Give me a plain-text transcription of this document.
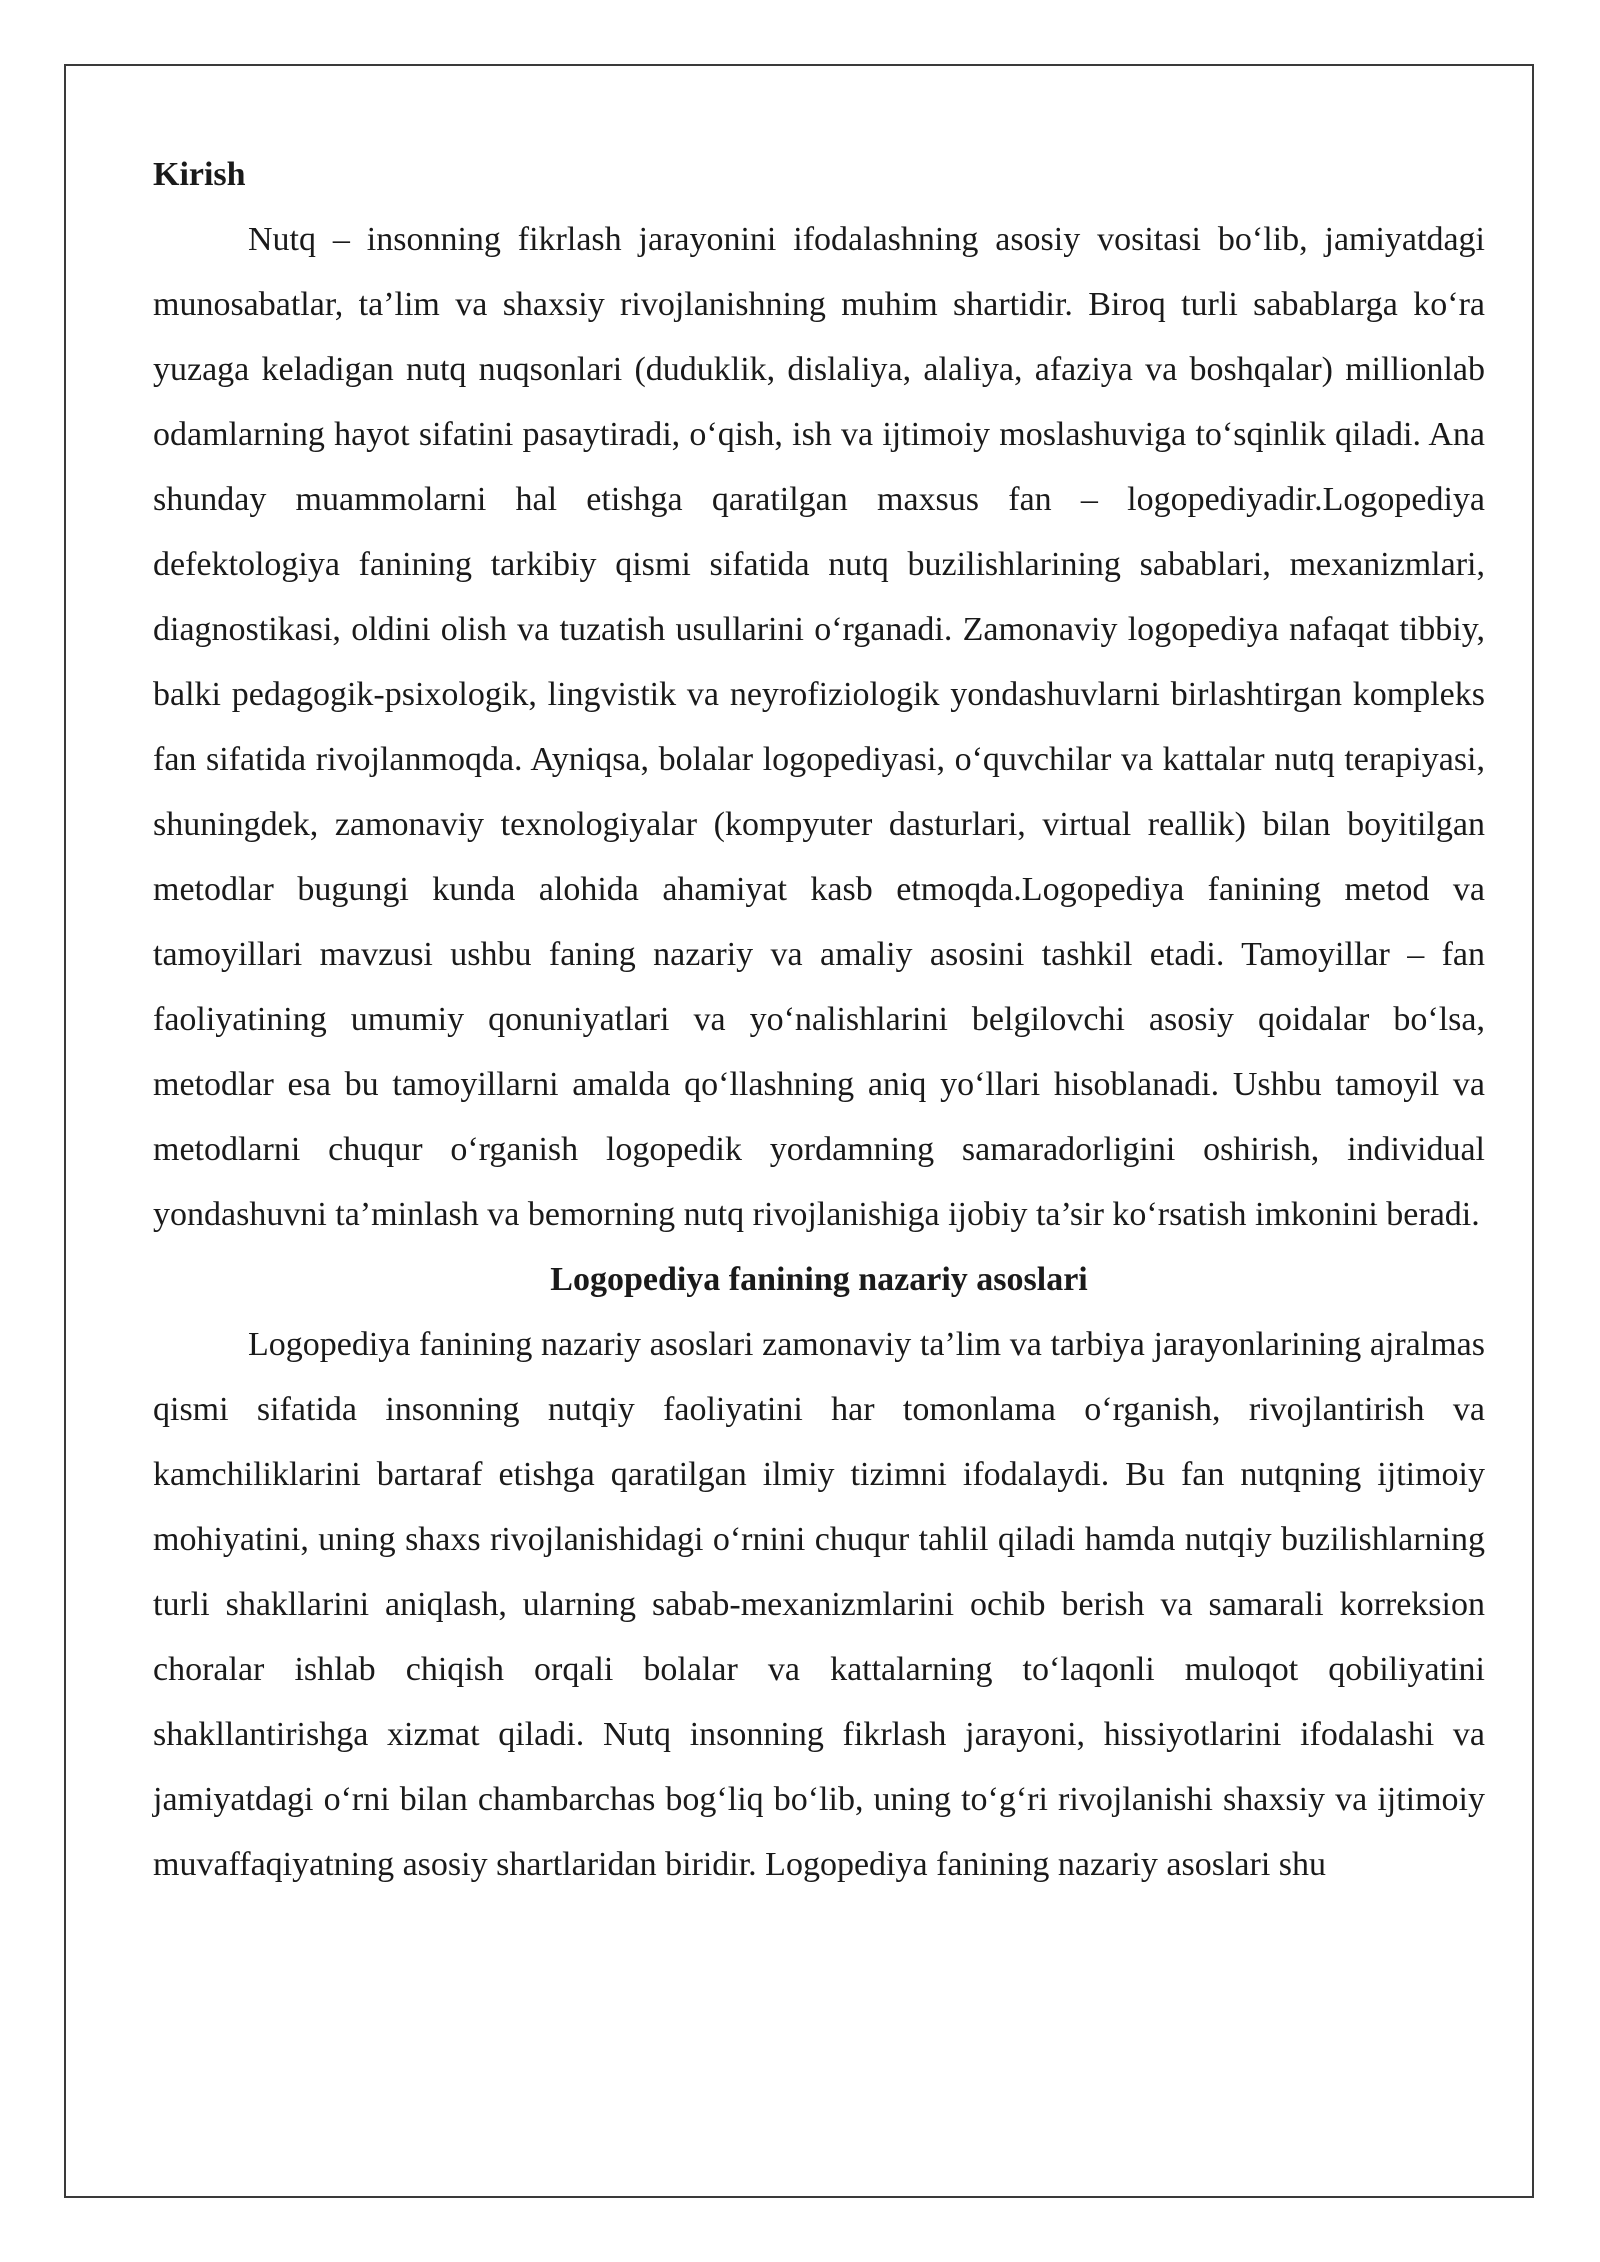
Kirish

Nutq – insonning fikrlash jarayonini ifodalashning asosiy vositasi bo‘lib, jamiyatdagi munosabatlar, ta’lim va shaxsiy rivojlanishning muhim shartidir. Biroq turli sabablarga ko‘ra yuzaga keladigan nutq nuqsonlari (duduklik, dislaliya, alaliya, afaziya va boshqalar) millionlab odamlarning hayot sifatini pasaytiradi, o‘qish, ish va ijtimoiy moslashuviga to‘sqinlik qiladi. Ana shunday muammolarni hal etishga qaratilgan maxsus fan – logopediyadir.Logopediya defektologiya fanining tarkibiy qismi sifatida nutq buzilishlarining sabablari, mexanizmlari, diagnostikasi, oldini olish va tuzatish usullarini o‘rganadi. Zamonaviy logopediya nafaqat tibbiy, balki pedagogik-psixologik, lingvistik va neyrofiziologik yondashuvlarni birlashtirgan kompleks fan sifatida rivojlanmoqda. Ayniqsa, bolalar logopediyasi, o‘quvchilar va kattalar nutq terapiyasi, shuningdek, zamonaviy texnologiyalar (kompyuter dasturlari, virtual reallik) bilan boyitilgan metodlar bugungi kunda alohida ahamiyat kasb etmoqda.Logopediya fanining metod va tamoyillari mavzusi ushbu faning nazariy va amaliy asosini tashkil etadi. Tamoyillar – fan faoliyatining umumiy qonuniyatlari va yo‘nalishlarini belgilovchi asosiy qoidalar bo‘lsa, metodlar esa bu tamoyillarni amalda qo‘llashning aniq yo‘llari hisoblanadi. Ushbu tamoyil va metodlarni chuqur o‘rganish logopedik yordamning samaradorligini oshirish, individual yondashuvni ta’minlash va bemorning nutq rivojlanishiga ijobiy ta’sir ko‘rsatish imkonini beradi.

Logopediya fanining nazariy asoslari

Logopediya fanining nazariy asoslari zamonaviy ta’lim va tarbiya jarayonlarining ajralmas qismi sifatida insonning nutqiy faoliyatini har tomonlama o‘rganish, rivojlantirish va kamchiliklarini bartaraf etishga qaratilgan ilmiy tizimni ifodalaydi. Bu fan nutqning ijtimoiy mohiyatini, uning shaxs rivojlanishidagi o‘rnini chuqur tahlil qiladi hamda nutqiy buzilishlarning turli shakllarini aniqlash, ularning sabab-mexanizmlarini ochib berish va samarali korreksion choralar ishlab chiqish orqali bolalar va kattalarning to‘laqonli muloqot qobiliyatini shakllantirishga xizmat qiladi. Nutq insonning fikrlash jarayoni, hissiyotlarini ifodalashi va jamiyatdagi o‘rni bilan chambarchas bog‘liq bo‘lib, uning to‘g‘ri rivojlanishi shaxsiy va ijtimoiy muvaffaqiyatning asosiy shartlaridan biridir. Logopediya fanining nazariy asoslari shu
